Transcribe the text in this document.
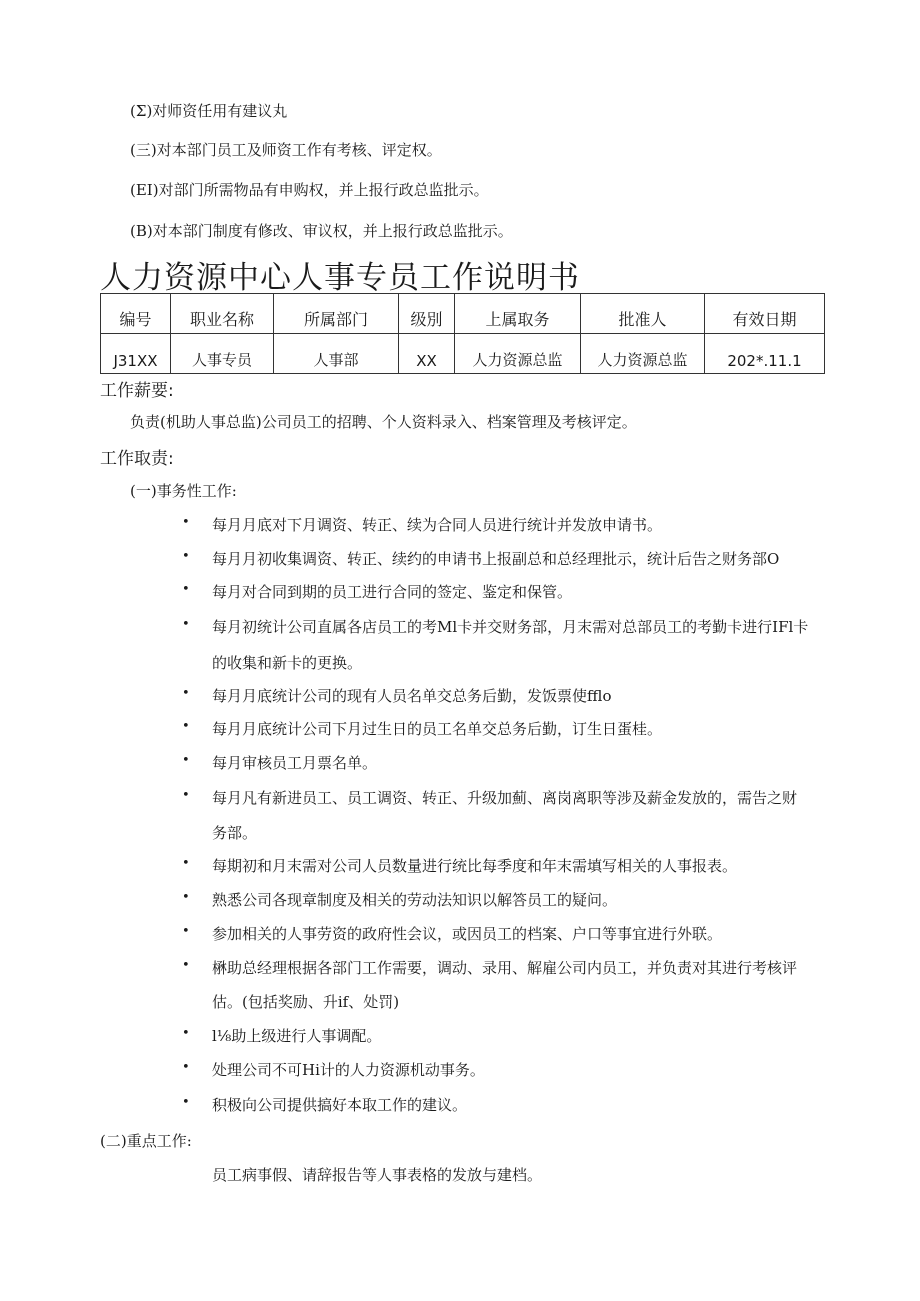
(Σ)对师资任用有建议丸
(三)对本部门员工及师资工作有考核、评定权。
(EI)对部门所需物品有申购权，并上报行政总监批示。
(B)对本部门制度有修改、审议权，并上报行政总监批示。
人力资源中心人事专员工作说明书
编号	职业名称	所属部门	级別	上属取务	批准人	有效日期
J31XX	人事专员	人事部	XX	人力资源总监	人力资源总监	202*.11.1
工作薪要:
负责(机助人事总监)公司员工的招聘、个人资料录入、档案管理及考核评定。
工作取责:
(一)事务性工作:
• 每月月底对下月调资、转正、续为合同人员进行统计并发放申请书。
• 每月月初收集调资、转正、续约的申请书上报副总和总经理批示，统计后告之财务部O
• 每月对合同到期的员工进行合同的签定、鉴定和保管。
• 每月初统计公司直属各店员工的考Ml卡并交财务部，月末需对总部员工的考勤卡进行IFl卡
的收集和新卡的更换。
• 每月月底统计公司的现有人员名单交总务后勤，发饭票使fflo
• 每月月底统计公司下月过生日的员工名单交总务后勤，订生日蛋桂。
• 每月审核员工月票名单。
• 每月凡有新进员工、员工调资、转正、升级加薊、离岗离职等涉及薪金发放的，需告之财
务部。
• 每期初和月末需对公司人员数量进行统比每季度和年末需填写相关的人事报表。
• 熟悉公司各现章制度及相关的劳动法知识以解答员工的疑问。
• 参加相关的人事劳资的政府性会议，或因员工的档案、户口等事宜进行外联。
• 楙助总经理根据各部门工作需要，调动、录用、解雇公司内员工，并负责对其进行考核评
估。(包括奖励、升if、处罚)
• l⅛助上级进行人事调配。
• 处理公司不可Hi计的人力资源机动事务。
• 积极向公司提供搞好本取工作的建议。
(二)重点工作:
员工病事假、请辞报告等人事表格的发放与建档。
